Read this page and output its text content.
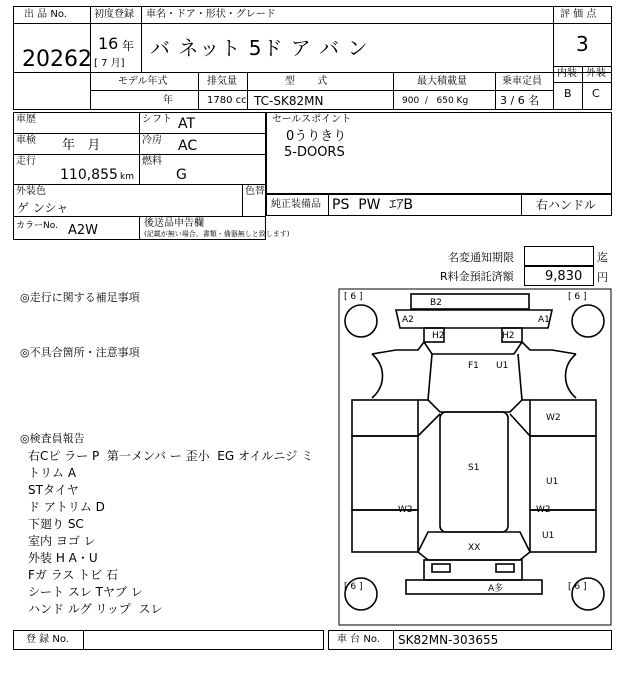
出 品 No.
20262
初度登録 車名・ドア・形状・グレード
16 年
[ 7 月]
バ ネット 5ド ア バ ン
評 価 点
3
内装 外装
B C
モデル年式	排気量	型       式	最大積載量	乗車定員
年	1780 cc TC-SK82MN	900  /   650 Kg	3 / 6 名
車歴	シフト AT
車検 年   月	冷房 AC
走行
110,855 km
燃料
G
外装色
ゲ ンシャ
色替
カラーNo. A2W	後送品申告欄
(記載が無い場合、書類・備器無しと致します)
セールスポイント
0うりきり
5-DOORS
純正装備品 PS  PW  ｴｱB	右ハンドル
名変通知期限	迄
R料金預託済額 9,830 円
◎走行に関する補足事項
◎不具合箇所・注意事項
◎検査員報告
右Cピ ラー P  第一メンバ ー 歪小  EG オイルニジ ミ
トリム A
STタイヤ
ド アトリム D
下廻り SC
室内 ヨゴ レ
外装 H A・U
Fガ ラス トビ 石
シート スレ Tヤブ レ
ハンド ルグ リップ  スレ
[ 6 ]	[ 6 ]
[ 6 ]	[ 6 ]
B2
A2	A1
H2	H2
F1 U1
W2
S1
U1
W2	W2
U1
XX
A多
登 録 No.	車 台 No. SK82MN-303655
